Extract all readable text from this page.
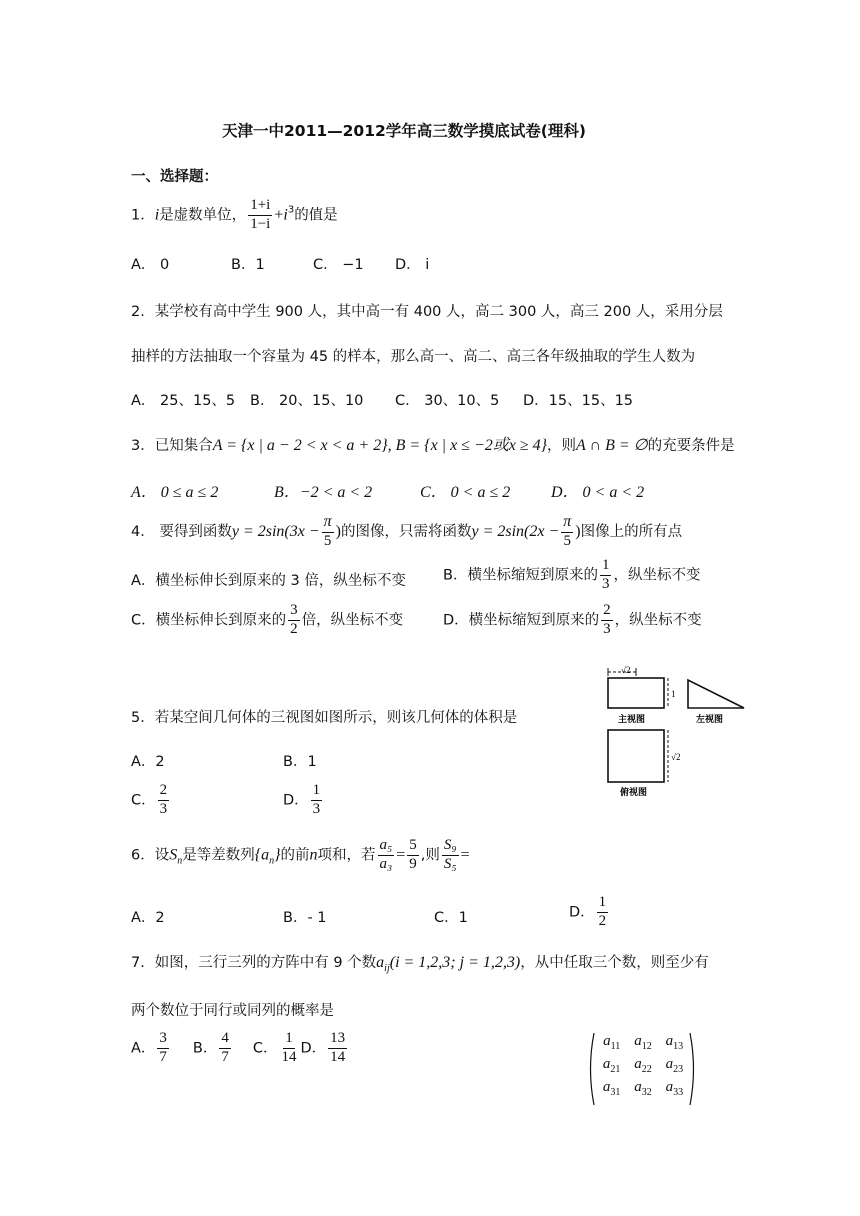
天津一中2011—2012学年高三数学摸底试卷(理科)
一、选择题：
1．i是虚数单位， $\frac{1+i}{1-i} +i^3$的值是
A． 0	B．1	C． −1 D． i
2．某学校有高中学生 900 人，其中高一有 400 人，高二 300 人，高三 200 人，采用分层
抽样的方法抽取一个容量为 45 的样本，那么高一、高二、高三各年级抽取的学生人数为
A． 25、15、5 B． 20、15、10 C． 30、10、5 D．15、15、15
3．已知集合A = {x | a − 2 < x < a + 2}, B = {x | x ≤ −2或x ≥ 4}，则A ∩ B = ∅的充要条件是
A． 0 ≤ a ≤ 2	B．−2 < a < 2	C． 0 < a ≤ 2	D． 0 < a < 2
4． 要得到函数$y = 2\sin(3x - \frac{\pi}{5}$ )的图像，只需将函数$y = 2\sin(2x - \frac{\pi}{5}$ )图像上的所有点
A．横坐标伸长到原来的 3 倍，纵坐标不变	B．横坐标缩短到原来的 $\frac{1}{3}$ ，纵坐标不变
C．横坐标伸长到原来的 $\frac{3}{2}$ 倍，纵坐标不变	D．横坐标缩短到原来的 $\frac{2}{3}$ ，纵坐标不变
5．若某空间几何体的三视图如图所示，则该几何体的体积是
A．2	B．1
C． $\frac{2}{3}$	D． $\frac{1}{3}$
√2
1
主视图	左视图
√2
俯视图
6．设$S_n$是等差数列$\{a_n\}$的前n项和，若 $\frac{\text{a₅}}{\text{a₃}} = \frac{5}{9}$ ,则 $\frac{\text{S₉}}{\text{S₅}}$ =
A．2	B．- 1	C．1	D． $\frac{1}{2}$
7．如图，三行三列的方阵中有 9 个数$a_{ij}(i = 1,2,3$; j = 1,2,3)，从中任取三个数，则至少有
两个数位于同行或同列的概率是
A． $\frac{3}{7}$ B． $\frac{4}{7}$ C． $\frac{1}{14}$ D． $\frac{13}{14}$	$a_{11}$ $a_{12}$ $a_{13}$
$a_{21}$ $a_{22}$ $a_{23}$
$a_{31}$ $a_{32}$ $a_{33}$
